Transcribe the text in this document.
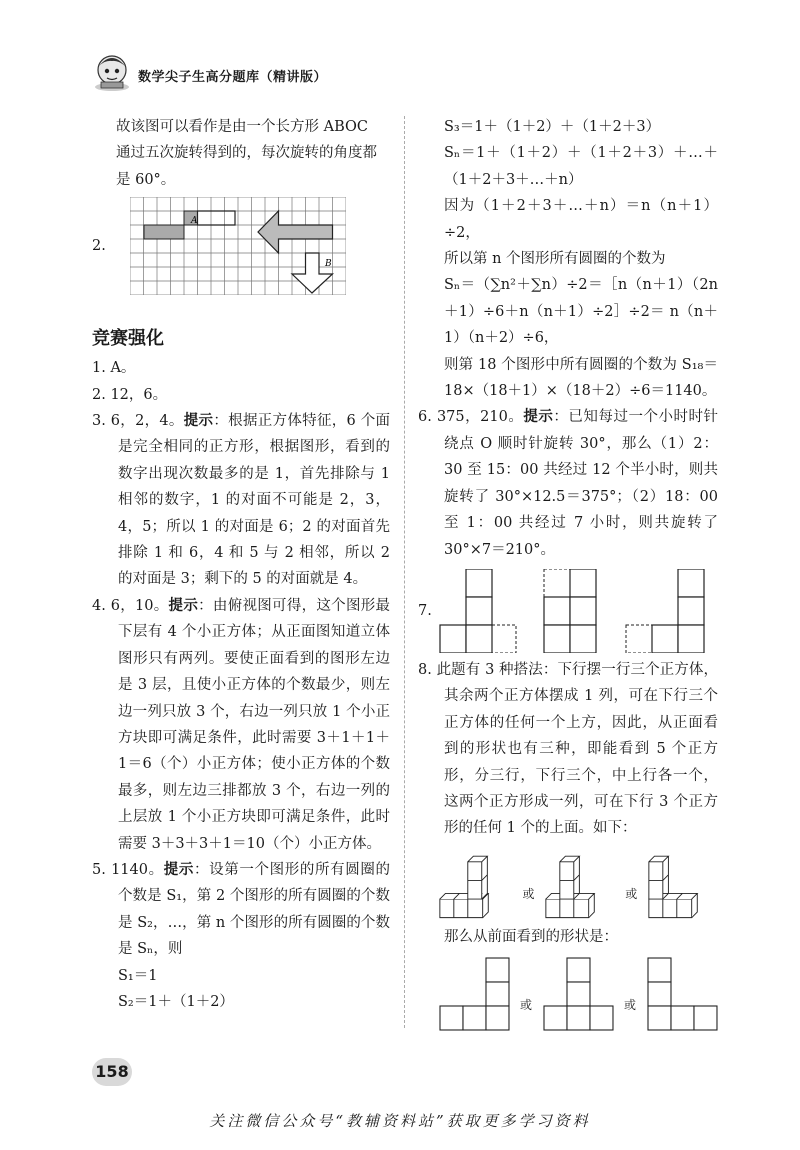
数学尖子生高分题库（精讲版）

故该图可以看作是由一个长方形 ABOC

通过五次旋转得到的，每次旋转的角度都

是 60°。

2.
A
B
竞赛强化

1. A。

2. 12，6。

3. 6，2，4。提示：根据正方体特征，6 个面是完全相同的正方形，根据图形，看到的数字出现次数最多的是 1，首先排除与 1 相邻的数字，1 的对面不可能是 2，3，4，5；所以 1 的对面是 6；2 的对面首先排除 1 和 6，4 和 5 与 2 相邻，所以 2 的对面是 3；剩下的 5 的对面就是 4。

4. 6，10。提示：由俯视图可得，这个图形最下层有 4 个小正方体；从正面图知道立体图形只有两列。要使正面看到的图形左边是 3 层，且使小正方体的个数最少，则左边一列只放 3 个，右边一列只放 1 个小正方块即可满足条件，此时需要 3＋1＋1＋1＝6（个）小正方体；使小正方体的个数最多，则左边三排都放 3 个，右边一列的上层放 1 个小正方块即可满足条件，此时需要 3＋3＋3＋1＝10（个）小正方体。

5. 1140。提示：设第一个图形的所有圆圈的个数是 S₁，第 2 个图形的所有圆圈的个数是 S₂，…，第 n 个图形的所有圆圈的个数是 Sₙ，则

S₁＝1

S₂＝1＋（1＋2）

S₃＝1＋（1＋2）＋（1＋2＋3）

Sₙ＝1＋（1＋2）＋（1＋2＋3）＋…＋（1＋2＋3＋…＋n）

因为（1＋2＋3＋…＋n）＝n（n＋1）÷2，

所以第 n 个图形所有圆圈的个数为

Sₙ＝（∑n²＋∑n）÷2＝［n（n＋1）（2n＋1）÷6＋n（n＋1）÷2］÷2＝ n（n＋1）（n＋2）÷6，

则第 18 个图形中所有圆圈的个数为 S₁₈＝18×（18＋1）×（18＋2）÷6＝1140。

6. 375，210。提示：已知每过一个小时时针绕点 O 顺时针旋转 30°，那么（1）2：30 至 15：00 共经过 12 个半小时，则共旋转了 30°×12.5＝375°；（2）18：00 至 1：00 共经过 7 小时，则共旋转了 30°×7＝210°。

7.

8. 此题有 3 种搭法：下行摆一行三个正方体，其余两个正方体摆成 1 列，可在下行三个正方体的任何一个上方，因此，从正面看到的形状也有三种，即能看到 5 个正方形，分三行，下行三个，中上行各一个，这两个正方形成一列，可在下行 3 个正方形的任何 1 个的上面。如下：

或	或

那么从前面看到的形状是：

或	或
158
关注微信公众号“教辅资料站”获取更多学习资料
